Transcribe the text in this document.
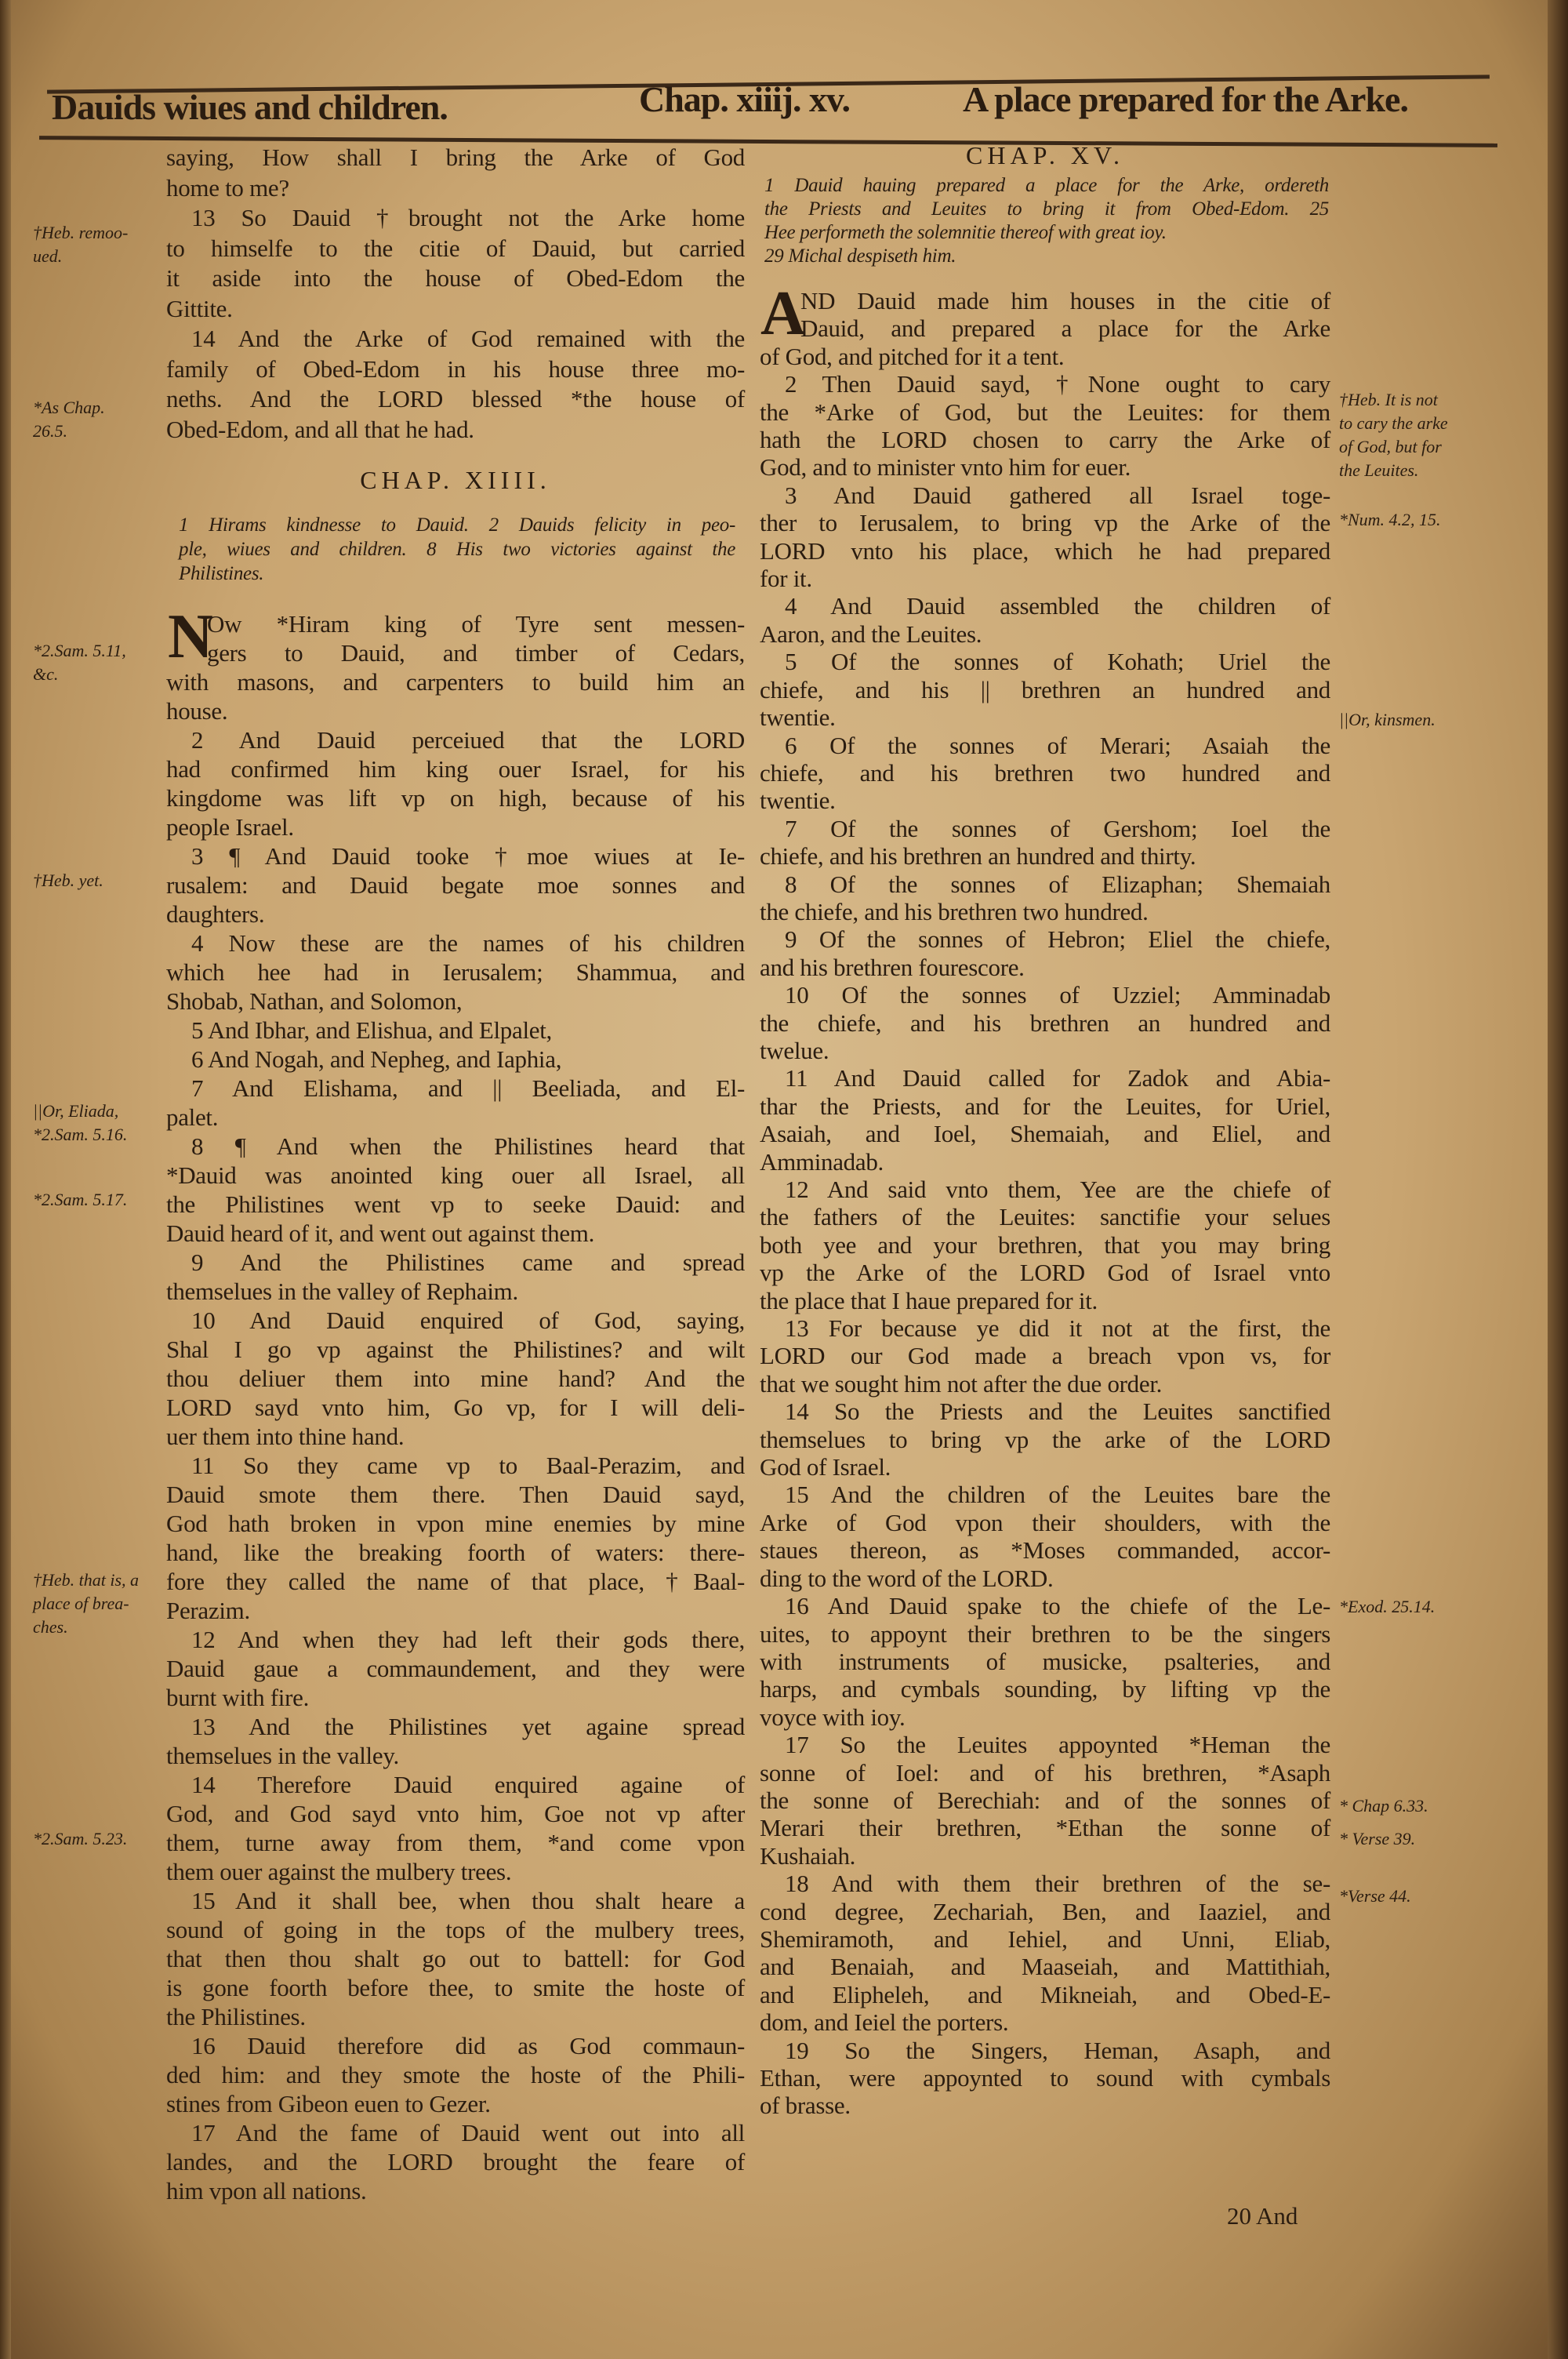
Dauids wiues and children.	Chap. xiiij. xv.	A place prepared for the Arke.
saying, How shall I bring the Arke of God
home to me?
13 So Dauid †brought not the Arke home
to himselfe to the citie of Dauid, but carried
it aside into the house of Obed-Edom the
Gittite.
14 And the Arke of God remained with the
family of Obed-Edom in his house three mo-
neths. And the LORD blessed *the house of
Obed-Edom, and all that he had.
CHAP. XIIII.
1 Hirams kindnesse to Dauid. 2 Dauids felicity in peo-
ple, wiues and children. 8 His two victories against the
Philistines.
N
Ow *Hiram king of Tyre sent messen-
gers to Dauid, and timber of Cedars,
with masons, and carpenters to build him an
house.
2 And Dauid perceiued that the LORD
had confirmed him king ouer Israel, for his
kingdome was lift vp on high, because of his
people Israel.
3 ¶ And Dauid tooke †moe wiues at Ie-
rusalem: and Dauid begate moe sonnes and
daughters.
4 Now these are the names of his children
which hee had in Ierusalem; Shammua, and
Shobab, Nathan, and Solomon,
5 And Ibhar, and Elishua, and Elpalet,
6 And Nogah, and Nepheg, and Iaphia,
7 And Elishama, and || Beeliada, and El-
palet.
8 ¶ And when the Philistines heard that
*Dauid was anointed king ouer all Israel, all
the Philistines went vp to seeke Dauid: and
Dauid heard of it, and went out against them.
9 And the Philistines came and spread
themselues in the valley of Rephaim.
10 And Dauid enquired of God, saying,
Shal I go vp against the Philistines? and wilt
thou deliuer them into mine hand? And the
LORD sayd vnto him, Go vp, for I will deli-
uer them into thine hand.
11 So they came vp to Baal-Perazim, and
Dauid smote them there. Then Dauid sayd,
God hath broken in vpon mine enemies by mine
hand, like the breaking foorth of waters: there-
fore they called the name of that place, †Baal-
Perazim.
12 And when they had left their gods there,
Dauid gaue a commaundement, and they were
burnt with fire.
13 And the Philistines yet againe spread
themselues in the valley.
14 Therefore Dauid enquired againe of
God, and God sayd vnto him, Goe not vp after
them, turne away from them, *and come vpon
them ouer against the mulbery trees.
15 And it shall bee, when thou shalt heare a
sound of going in the tops of the mulbery trees,
that then thou shalt go out to battell: for God
is gone foorth before thee, to smite the hoste of
the Philistines.
16 Dauid therefore did as God commaun-
ded him: and they smote the hoste of the Phili-
stines from Gibeon euen to Gezer.
17 And the fame of Dauid went out into all
landes, and the LORD brought the feare of
him vpon all nations.
CHAP. XV.
1 Dauid hauing prepared a place for the Arke, ordereth
the Priests and Leuites to bring it from Obed-Edom. 25
Hee performeth the solemnitie thereof with great ioy.
29 Michal despiseth him.
A
ND Dauid made him houses in the citie of
Dauid, and prepared a place for the Arke
of God, and pitched for it a tent.
2 Then Dauid sayd, †None ought to cary
the *Arke of God, but the Leuites: for them
hath the LORD chosen to carry the Arke of
God, and to minister vnto him for euer.
3 And Dauid gathered all Israel toge-
ther to Ierusalem, to bring vp the Arke of the
LORD vnto his place, which he had prepared
for it.
4 And Dauid assembled the children of
Aaron, and the Leuites.
5 Of the sonnes of Kohath; Uriel the
chiefe, and his || brethren an hundred and
twentie.
6 Of the sonnes of Merari; Asaiah the
chiefe, and his brethren two hundred and
twentie.
7 Of the sonnes of Gershom; Ioel the
chiefe, and his brethren an hundred and thirty.
8 Of the sonnes of Elizaphan; Shemaiah
the chiefe, and his brethren two hundred.
9 Of the sonnes of Hebron; Eliel the chiefe,
and his brethren fourescore.
10 Of the sonnes of Uzziel; Amminadab
the chiefe, and his brethren an hundred and
twelue.
11 And Dauid called for Zadok and Abia-
thar the Priests, and for the Leuites, for Uriel,
Asaiah, and Ioel, Shemaiah, and Eliel, and
Amminadab.
12 And said vnto them, Yee are the chiefe of
the fathers of the Leuites: sanctifie your selues
both yee and your brethren, that you may bring
vp the Arke of the LORD God of Israel vnto
the place that I haue prepared for it.
13 For because ye did it not at the first, the
LORD our God made a breach vpon vs, for
that we sought him not after the due order.
14 So the Priests and the Leuites sanctified
themselues to bring vp the arke of the LORD
God of Israel.
15 And the children of the Leuites bare the
Arke of God vpon their shoulders, with the
staues thereon, as *Moses commanded, accor-
ding to the word of the LORD.
16 And Dauid spake to the chiefe of the Le-
uites, to appoynt their brethren to be the singers
with instruments of musicke, psalteries, and
harps, and cymbals sounding, by lifting vp the
voyce with ioy.
17 So the Leuites appoynted *Heman the
sonne of Ioel: and of his brethren, *Asaph
the sonne of Berechiah: and of the sonnes of
Merari their brethren, *Ethan the sonne of
Kushaiah.
18 And with them their brethren of the se-
cond degree, Zechariah, Ben, and Iaaziel, and
Shemiramoth, and Iehiel, and Unni, Eliab,
and Benaiah, and Maaseiah, and Mattithiah,
and Elipheleh, and Mikneiah, and Obed-E-
dom, and Ieiel the porters.
19 So the Singers, Heman, Asaph, and
Ethan, were appoynted to sound with cymbals
of brasse.
20 And
†Heb. remoo-
ued.
*As Chap.
26.5.
*2.Sam. 5.11,
&c.
†Heb. yet.
||Or, Eliada,
*2.Sam. 5.16.
*2.Sam. 5.17.
†Heb. that is, a
place of brea-
ches.
*2.Sam. 5.23.
†Heb. It is not
to cary the arke
of God, but for
the Leuites.
*Num. 4.2, 15.
||Or, kinsmen.
*Exod. 25.14.
* Chap 6.33.
* Verse 39.
*Verse 44.
